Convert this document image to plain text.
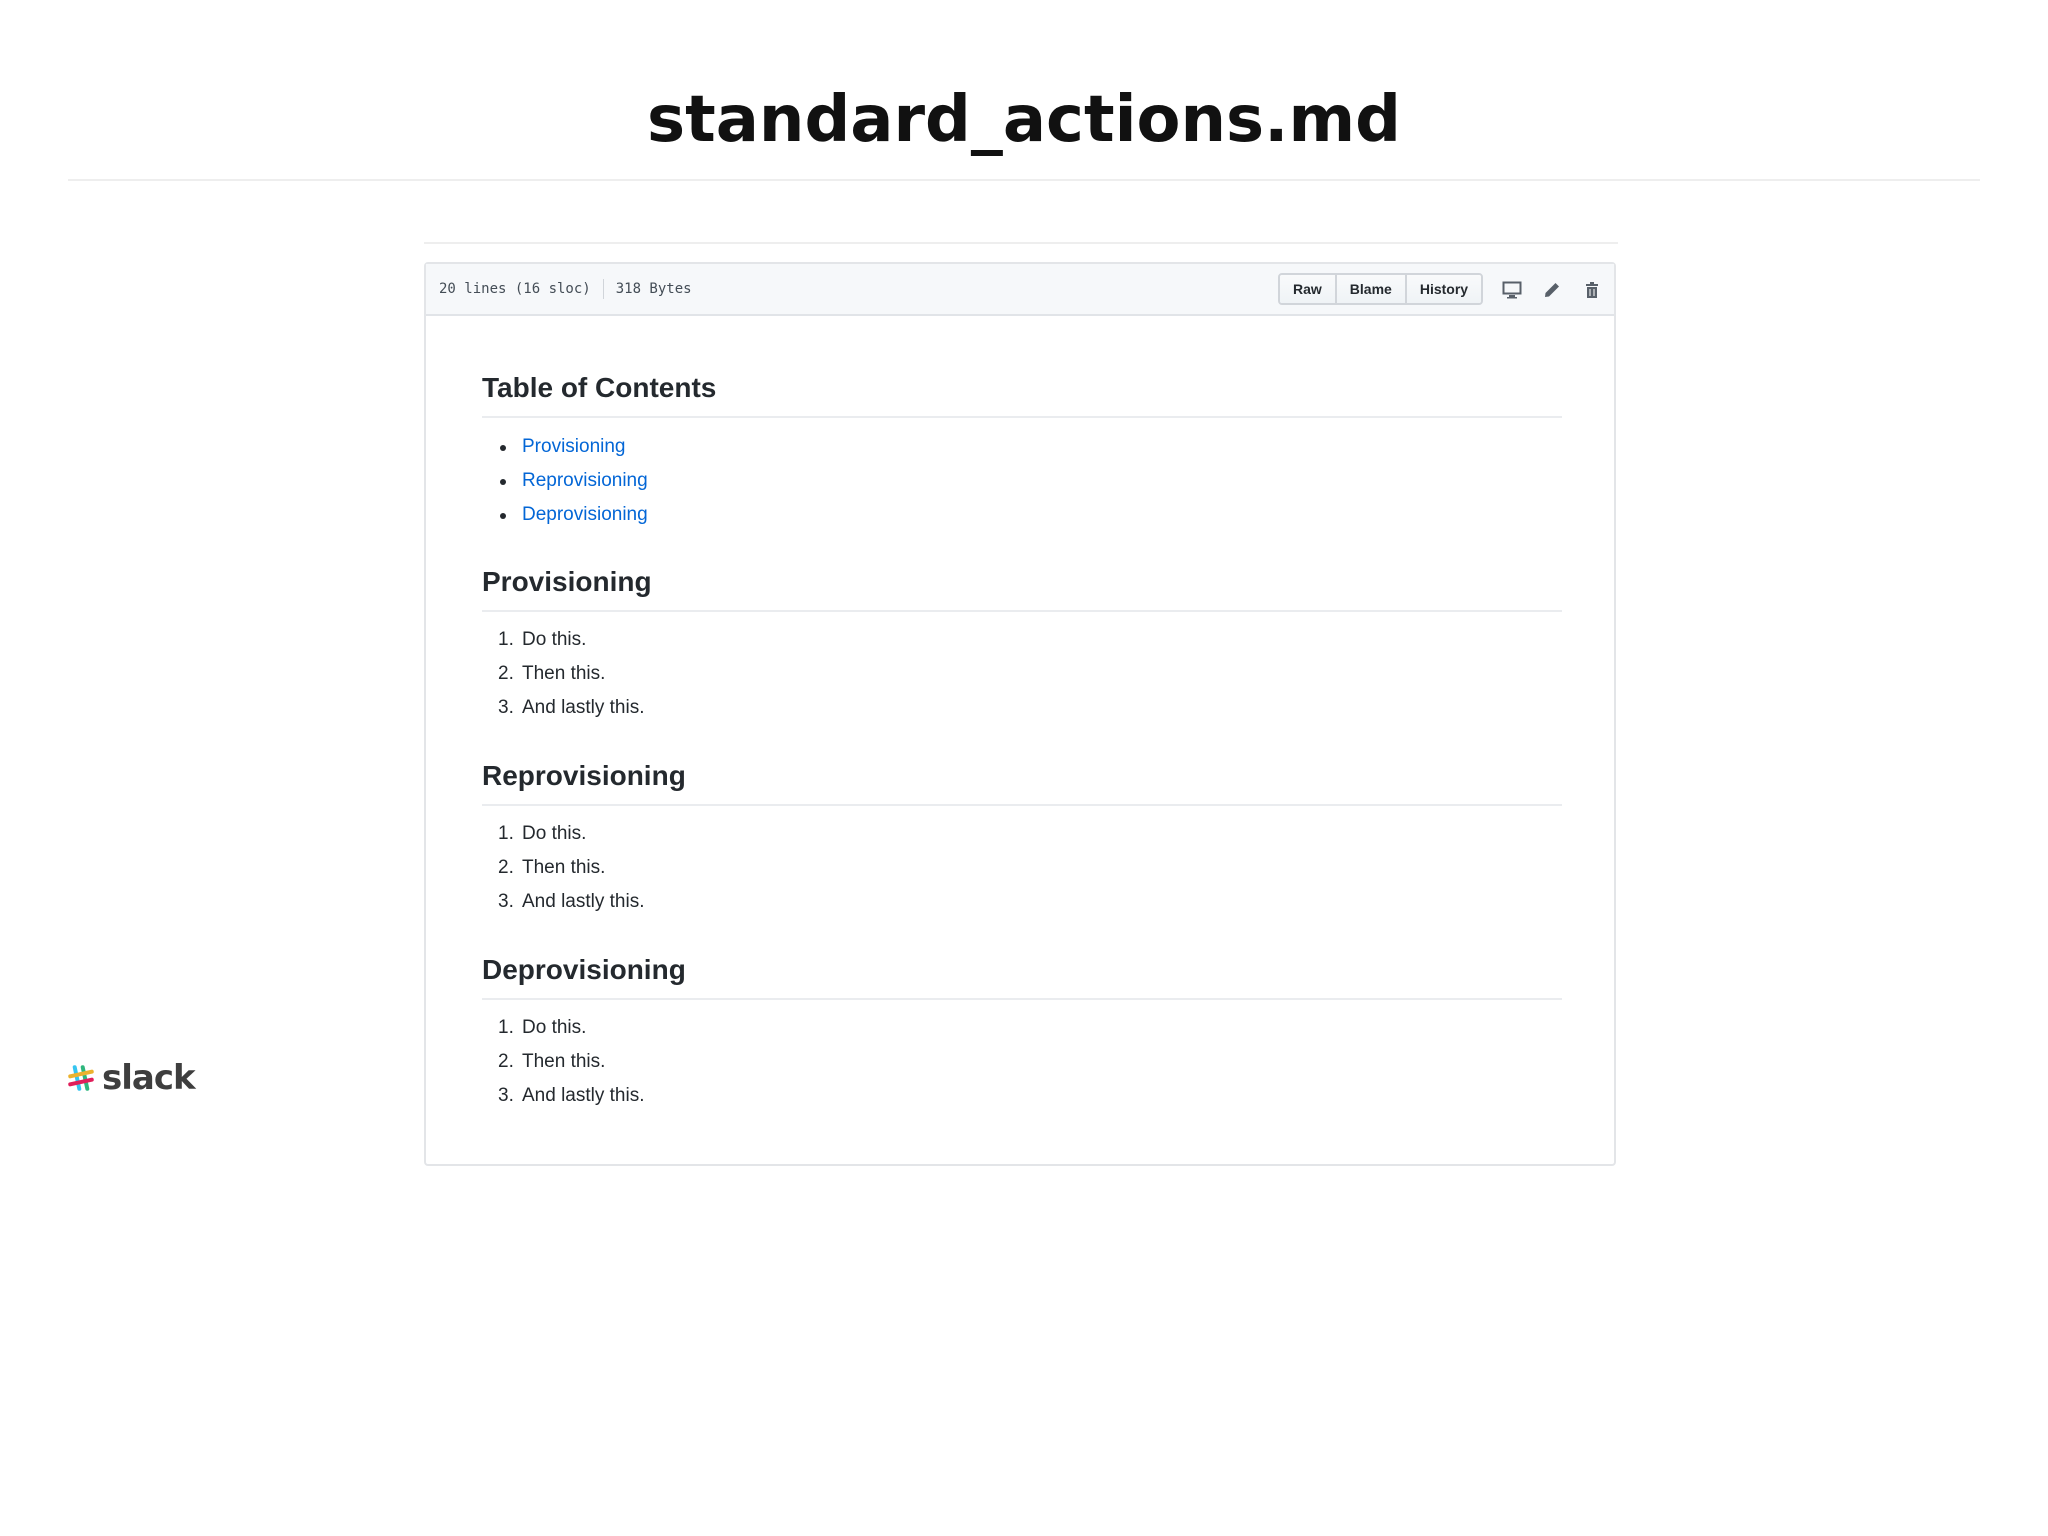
standard_actions.md
20 lines (16 sloc) 318 Bytes	Raw	Blame	History
Table of Contents
Provisioning
Reprovisioning
Deprovisioning
Provisioning
1. Do this.
2. Then this.
3. And lastly this.
Reprovisioning
1. Do this.
2. Then this.
3. And lastly this.
Deprovisioning
1. Do this.
2. Then this.
3. And lastly this.
slack
